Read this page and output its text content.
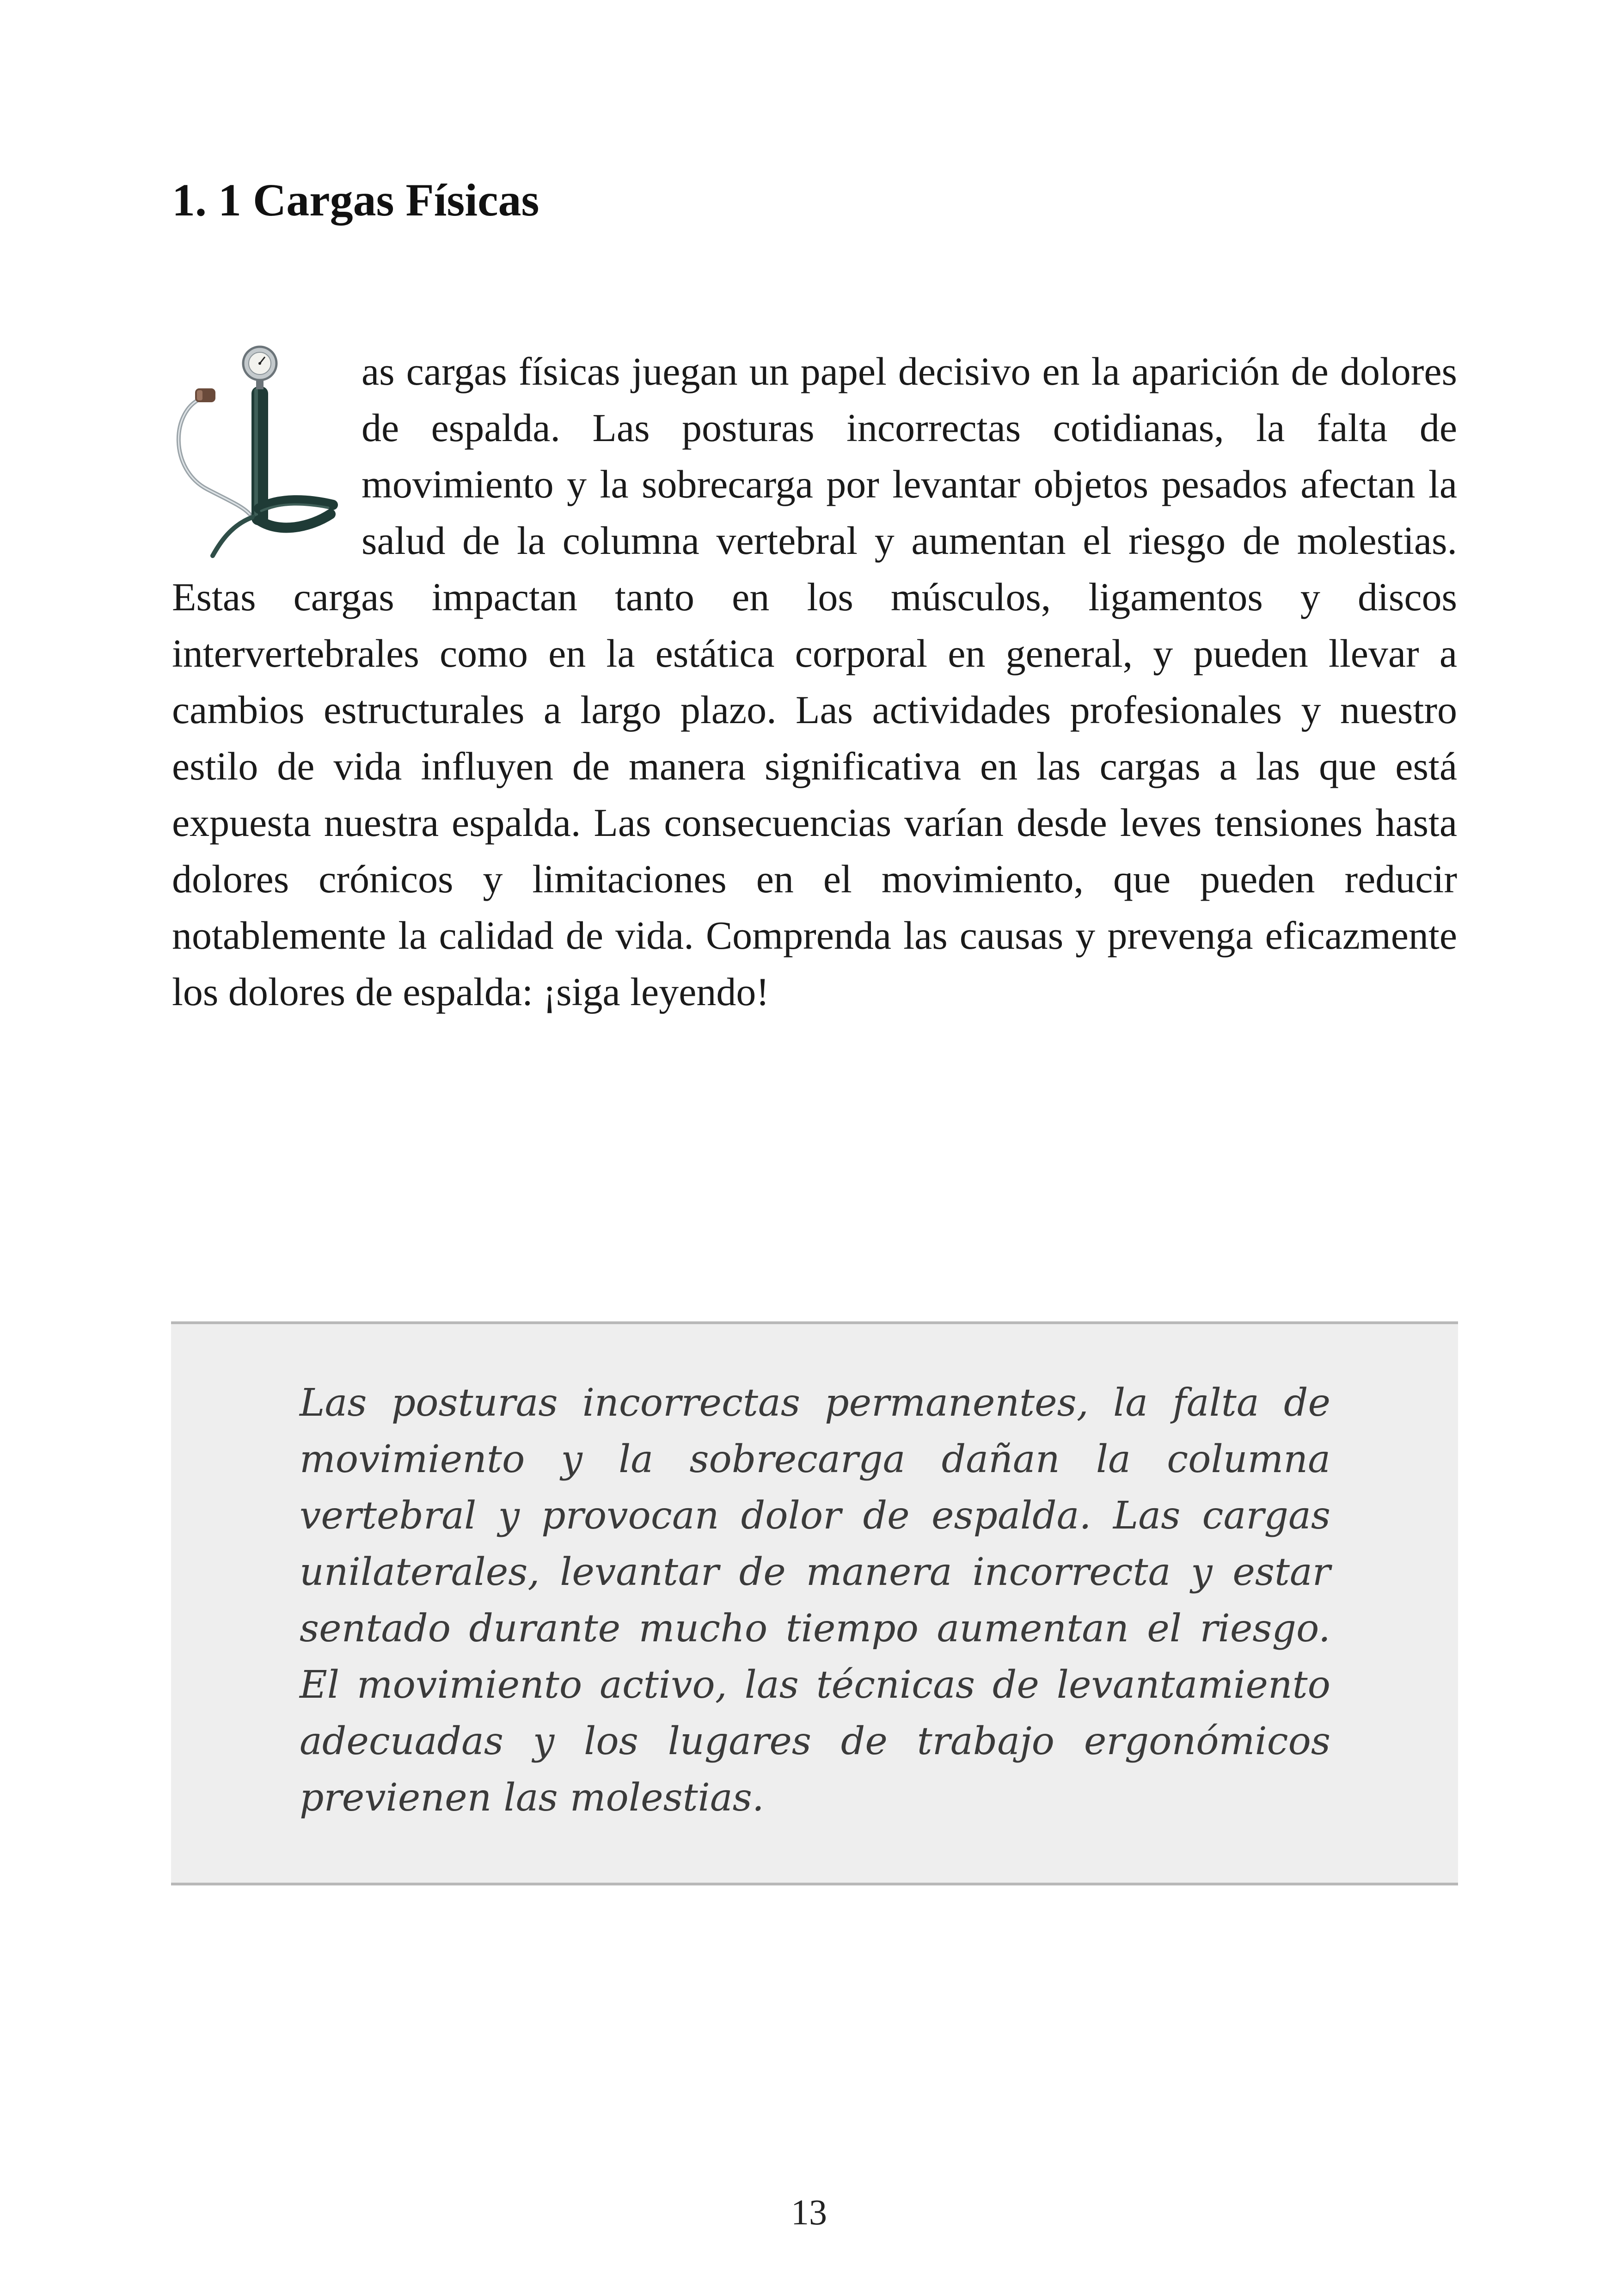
1. 1 Cargas Físicas

as cargas físicas juegan un papel decisivo en la aparición de dolores de espalda. Las posturas incorrectas cotidianas, la falta de movimiento y la sobrecarga por levantar objetos pesados afectan la salud de la columna vertebral y aumentan el riesgo de molestias. Estas cargas impactan tanto en los músculos, ligamentos y discos intervertebrales como en la estática corporal en general, y pueden llevar a cambios estructurales a largo plazo. Las actividades profesionales y nuestro estilo de vida influyen de manera significativa en las cargas a las que está expuesta nuestra espalda. Las consecuencias varían desde leves tensiones hasta dolores crónicos y limitaciones en el movimiento, que pueden reducir notablemente la calidad de vida. Comprenda las causas y prevenga eficazmente los dolores de espalda: ¡siga leyendo!

Las posturas incorrectas permanentes, la falta de movimiento y la sobrecarga dañan la columna vertebral y provocan dolor de espalda. Las cargas unilaterales, levantar de manera incorrecta y estar sentado durante mucho tiempo aumentan el riesgo. El movimiento activo, las técnicas de levantamiento adecuadas y los lugares de trabajo ergonómicos previenen las molestias.

13
